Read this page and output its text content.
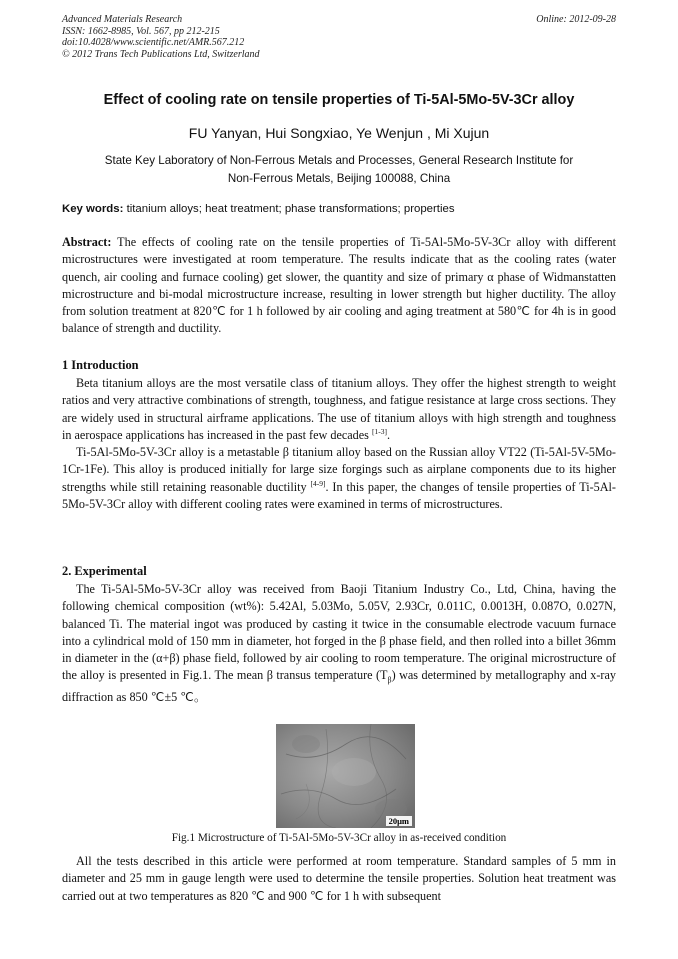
Advanced Materials Research
ISSN: 1662-8985, Vol. 567, pp 212-215
doi:10.4028/www.scientific.net/AMR.567.212
© 2012 Trans Tech Publications Ltd, Switzerland
Online: 2012-09-28
Effect of cooling rate on tensile properties of Ti-5Al-5Mo-5V-3Cr alloy
FU Yanyan, Hui Songxiao, Ye Wenjun , Mi Xujun
State Key Laboratory of Non-Ferrous Metals and Processes, General Research Institute for
Non-Ferrous Metals, Beijing 100088, China
Key words: titanium alloys; heat treatment; phase transformations; properties
Abstract: The effects of cooling rate on the tensile properties of Ti-5Al-5Mo-5V-3Cr alloy with different microstructures were investigated at room temperature. The results indicate that as the cooling rates (water quench, air cooling and furnace cooling) get slower, the quantity and size of primary α phase of Widmanstatten microstructure and bi-modal microstructure increase, resulting in lower strength but higher ductility. The alloy from solution treatment at 820℃ for 1 h followed by air cooling and aging treatment at 580℃ for 4h is in good balance of strength and ductility.
1 Introduction

Beta titanium alloys are the most versatile class of titanium alloys. They offer the highest strength to weight ratios and very attractive combinations of strength, toughness, and fatigue resistance at large cross sections. They are widely used in structural airframe applications. The use of titanium alloys with high strength and toughness in aerospace applications has increased in the past few decades [1-3].

Ti-5Al-5Mo-5V-3Cr alloy is a metastable β titanium alloy based on the Russian alloy VT22 (Ti-5Al-5V-5Mo-1Cr-1Fe). This alloy is produced initially for large size forgings such as airplane components due to its higher strengths while still retaining reasonable ductility [4-9]. In this paper, the changes of tensile properties of Ti-5Al-5Mo-5V-3Cr alloy with different cooling rates were examined in terms of microstructures.

2. Experimental

The Ti-5Al-5Mo-5V-3Cr alloy was received from Baoji Titanium Industry Co., Ltd, China, having the following chemical composition (wt%): 5.42Al, 5.03Mo, 5.05V, 2.93Cr, 0.011C, 0.0013H, 0.087O, 0.027N, balanced Ti. The material ingot was produced by casting it twice in the consumable electrode vacuum furnace into a cylindrical mold of 150 mm in diameter, hot forged in the β phase field, and then rolled into a billet 36mm in diameter in the (α+β) phase field, followed by air cooling to room temperature. The original microstructure of the alloy is presented in Fig.1. The mean β transus temperature $(T_\beta)$ was determined by metallography and x-ray diffraction as 850 ℃±5 ℃。

20μm
Fig.1 Microstructure of Ti-5Al-5Mo-5V-3Cr alloy in as-received condition

All the tests described in this article were performed at room temperature. Standard samples of 5 mm in diameter and 25 mm in gauge length were used to determine the tensile properties. Solution heat treatment was carried out at two temperatures as 820 ℃ and 900 ℃ for 1 h with subsequent
